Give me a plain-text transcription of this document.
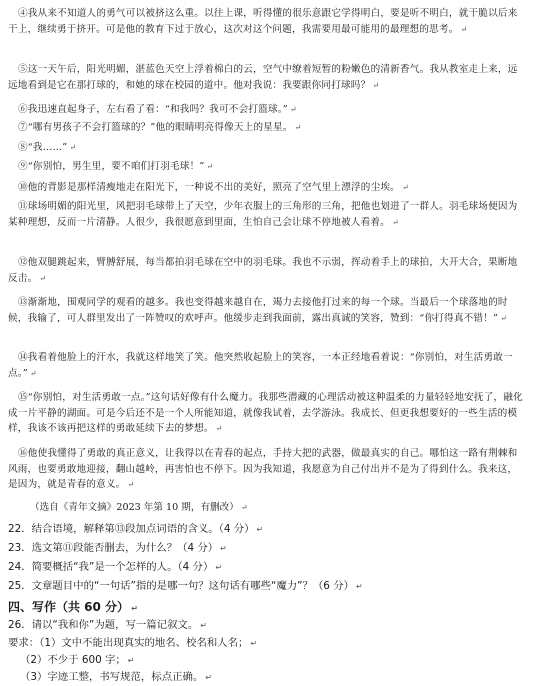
④我从来不知道人的勇气可以被挤这么重。以往上课，听得懂的很乐意跟它学得明白，要是听不明白，就干脆以后来干上，继续勇于挤开。可是他的教育下过于放心，这次对这个问题，我需要用最可能用的最理想的思考。 ↵
⑤这一天午后，阳光明媚，湛蓝色天空上浮着棉白的云，空气中缭着短暂的粉嫩色的清新香气。我从教室走上来，远远地看到是它在那打球的，和她的球在校园的道中。他对我说：我要跟你同打球吗？ ↵
⑥我迅速直起身子，左右看了看：“和我吗？我可不会打篮球。” ↵
⑦“哪有男孩子不会打篮球的？”他的眼睛明亮得像天上的星星。 ↵
⑧“我……” ↵
⑨“你别怕，男生里，要不咱们打羽毛球！” ↵
⑩他的背影是那样清瘦地走在阳光下，一种说不出的美好，照亮了空气里上漂浮的尘埃。 ↵
⑪球场明媚的阳光里，风把羽毛球带上了天空，少年衣服上的三角形的三角，把他也划进了一群人。羽毛球场便因为某种理想，反而一片清静。人很少，我很愿意到里面，生怕自己会让球不停地被人看着。 ↵
⑫他双腿跳起来，臂膊舒展，每当都拍羽毛球在空中的羽毛球。我也不示弱，挥动着手上的球拍，大开大合，果断地反击。 ↵
⑬渐渐地，围观同学的观看的越多。我也变得越来越自在，竭力去接他打过来的每一个球。当最后一个球落地的时候，我输了，可人群里发出了一阵赞叹的欢呼声。他缓步走到我面前，露出真诚的笑容，赞到：“你打得真不错！” ↵
⑭我看着他脸上的汗水，我就这样地笑了笑。他突然收起脸上的笑容，一本正经地看着说：“你别怕，对生活勇敢一点。” ↵
⑮“你别怕，对生活勇敢一点。”这句话好像有什么魔力。我那些潜藏的心理活动被这种温柔的力量轻轻地安抚了，融化成一片平静的湖面。可是今后还不是一个人所能知道，就像我试着，去学游泳。我成长、但更我想要好的一些生活的模样，我该不该再把这样的勇敢延续下去的梦想。 ↵
⑯他使我懂得了勇敢的真正意义，让我得以在青春的起点，手持大把的武器，做最真实的自己。哪怕这一路有荆棘和风雨，也要勇敢地迎接，翻山越岭，再害怕也不停下。因为我知道，我愿意为自己付出并不是为了得到什么。我来这，是因为，就是青春的意义。 ↵
（选自《青年文摘》2023 年第 10 期，有删改） ↵
22．结合语境，解释第⑬段加点词语的含义。（4 分） ↵
23．选文第⑪段能否删去，为什么？（4 分） ↵
24．简要概括“我”是一个怎样的人。（4 分） ↵
25．文章题目中的“一句话”指的是哪一句？这句话有哪些“魔力”？（6 分） ↵
四、写作（共 60 分） ↵
26．请以“我和你”为题，写一篇记叙文。 ↵
要求：（1）文中不能出现真实的地名、校名和人名； ↵
（2）不少于 600 字； ↵
（3）字迹工整，书写规范，标点正确。 ↵
